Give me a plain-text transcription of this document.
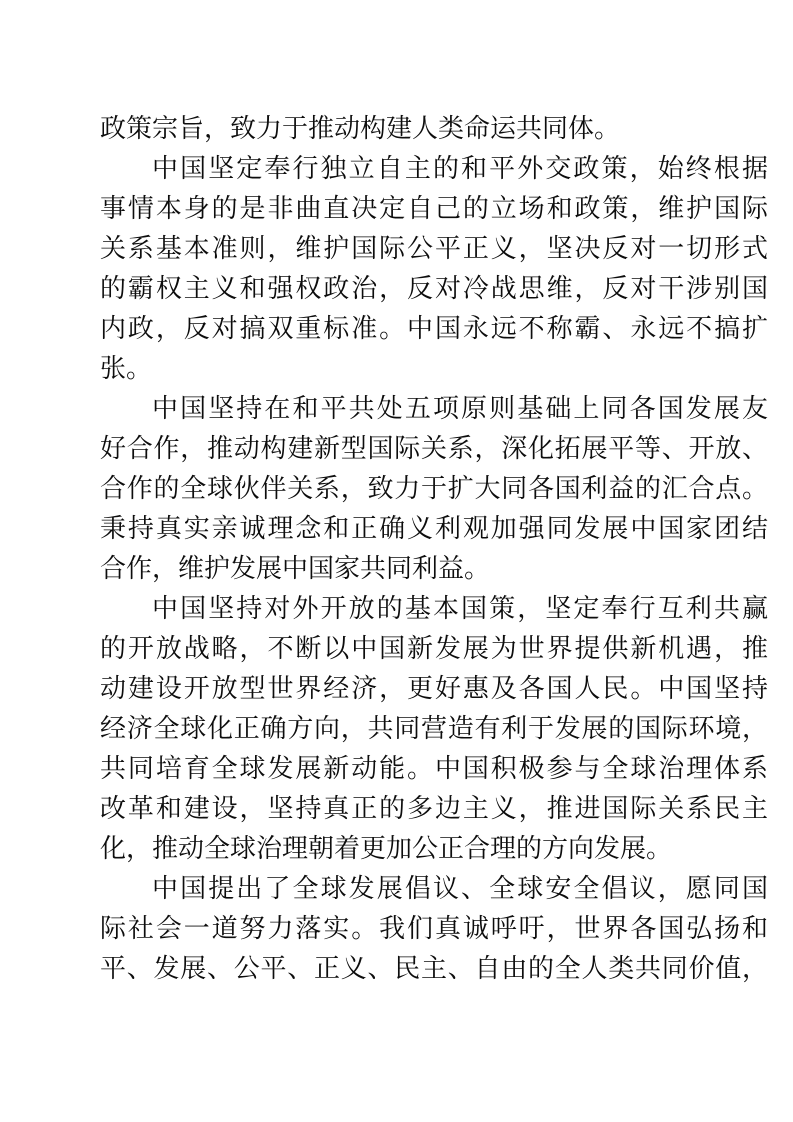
政策宗旨，致力于推动构建人类命运共同体。
中国坚定奉行独立自主的和平外交政策，始终根据
事情本身的是非曲直决定自己的立场和政策，维护国际
关系基本准则，维护国际公平正义，坚决反对一切形式
的霸权主义和强权政治，反对冷战思维，反对干涉别国
内政，反对搞双重标准。中国永远不称霸、永远不搞扩
张。
中国坚持在和平共处五项原则基础上同各国发展友
好合作，推动构建新型国际关系，深化拓展平等、开放、
合作的全球伙伴关系，致力于扩大同各国利益的汇合点。
秉持真实亲诚理念和正确义利观加强同发展中国家团结
合作，维护发展中国家共同利益。
中国坚持对外开放的基本国策，坚定奉行互利共赢
的开放战略，不断以中国新发展为世界提供新机遇，推
动建设开放型世界经济，更好惠及各国人民。中国坚持
经济全球化正确方向，共同营造有利于发展的国际环境，
共同培育全球发展新动能。中国积极参与全球治理体系
改革和建设，坚持真正的多边主义，推进国际关系民主
化，推动全球治理朝着更加公正合理的方向发展。
中国提出了全球发展倡议、全球安全倡议，愿同国
际社会一道努力落实。我们真诚呼吁，世界各国弘扬和
平、发展、公平、正义、民主、自由的全人类共同价值，
